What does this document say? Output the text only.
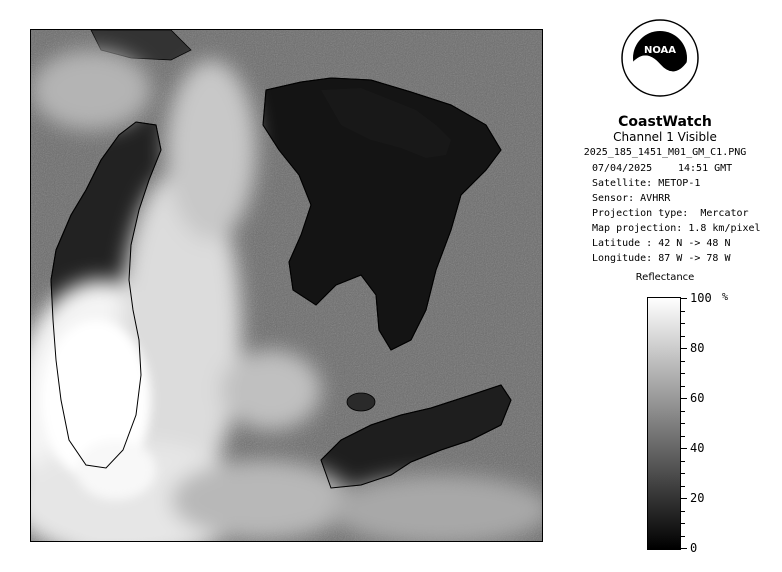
NOAA
CoastWatch
Channel 1 Visible
2025_185_1451_M01_GM_C1.PNG
07/04/2025	14:51 GMT
Satellite: METOP-1
Sensor: AVHRR
Projection type:  Mercator
Map projection: 1.8 km/pixel
Latitude : 42 N -> 48 N
Longitude: 87 W -> 78 W
Reflectance
%
100
80
60
40
20
0
